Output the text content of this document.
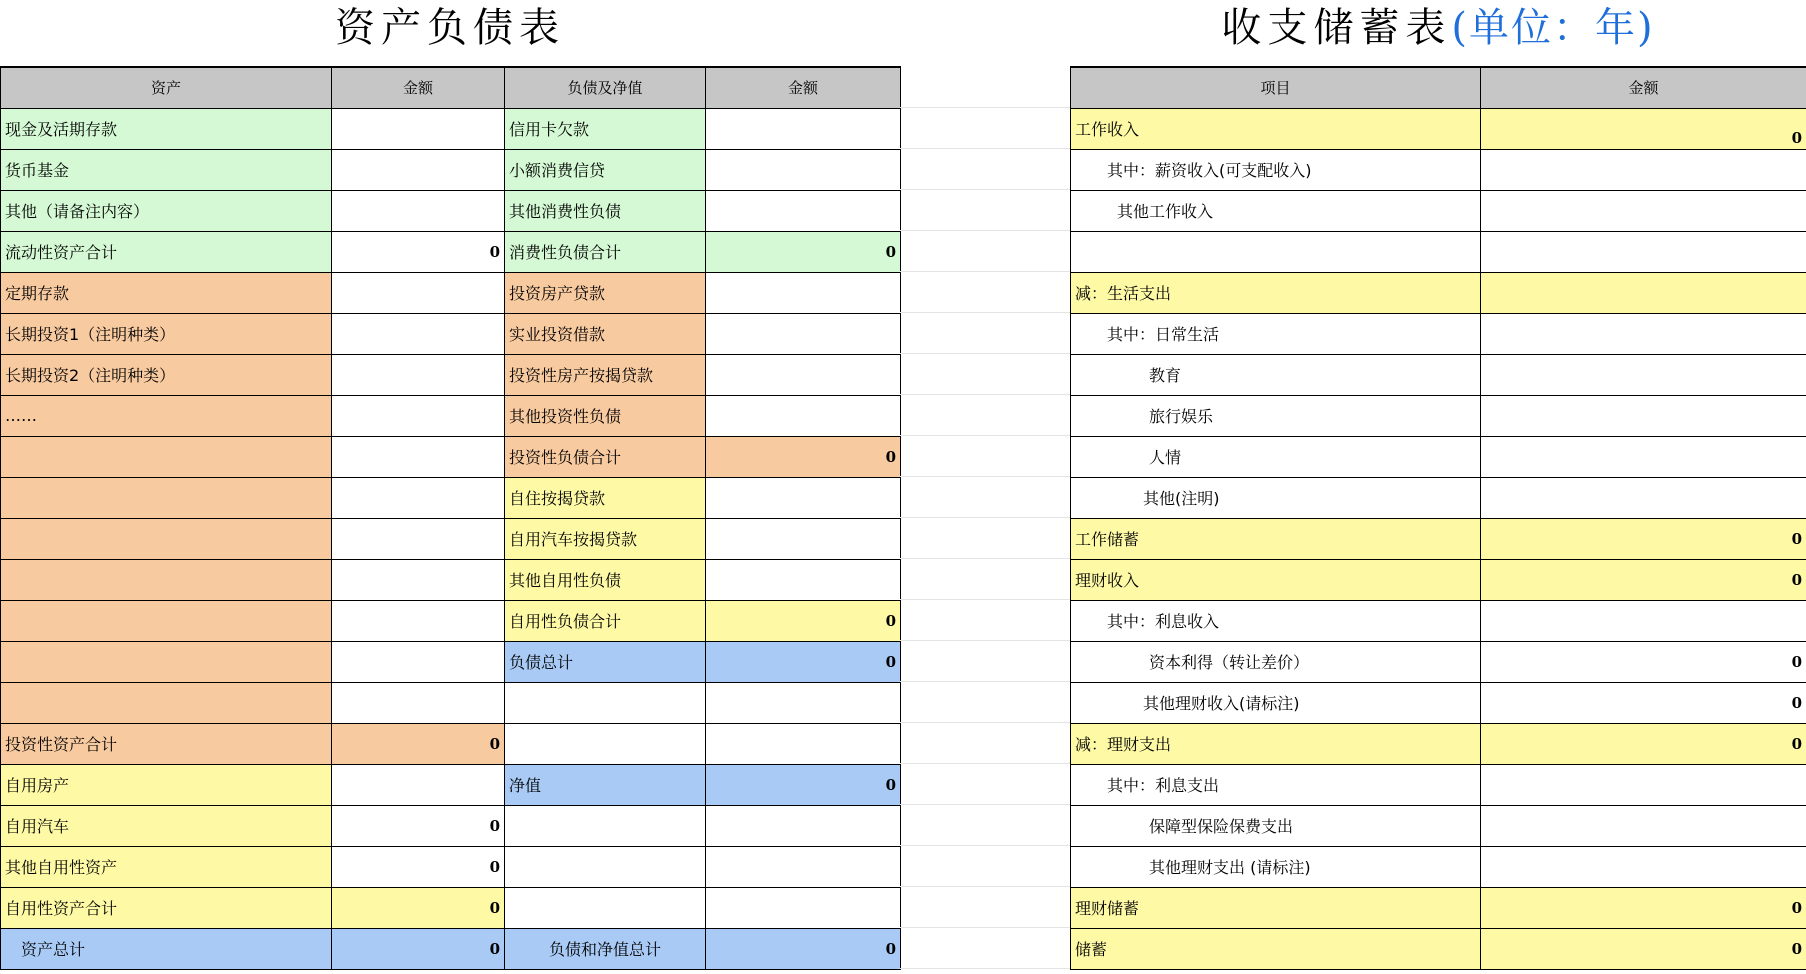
资产负债表	收支储蓄表(单位：年)
资产	金额	负债及净值	金额
现金及活期存款		信用卡欠款	
货币基金		小额消费信贷	
其他（请备注内容）		其他消费性负债	
流动性资产合计	0	消费性负债合计	0
定期存款		投资房产贷款	
长期投资1（注明种类）		实业投资借款	
长期投资2（注明种类）		投资性房产按揭贷款	
……		其他投资性负债	
		投资性负债合计	0
		自住按揭贷款	
		自用汽车按揭贷款	
		其他自用性负债	
		自用性负债合计	0
		负债总计	0

投资性资产合计	0		
自用房产		净值	0
自用汽车	0		
其他自用性资产	0		
自用性资产合计	0		
资产总计	0	负债和净值总计	0

项目	金额
工作收入	0
其中：薪资收入(可支配收入)	
其他工作收入	

减：生活支出	
其中：日常生活	
教育	
旅行娱乐	
人情	
其他(注明)	
工作储蓄	0
理财收入	0
其中：利息收入	
资本利得（转让差价）	0
其他理财收入(请标注)	0
减：理财支出	0
其中：利息支出	
保障型保险保费支出	
其他理财支出 (请标注)	
理财储蓄	0
储蓄	0
